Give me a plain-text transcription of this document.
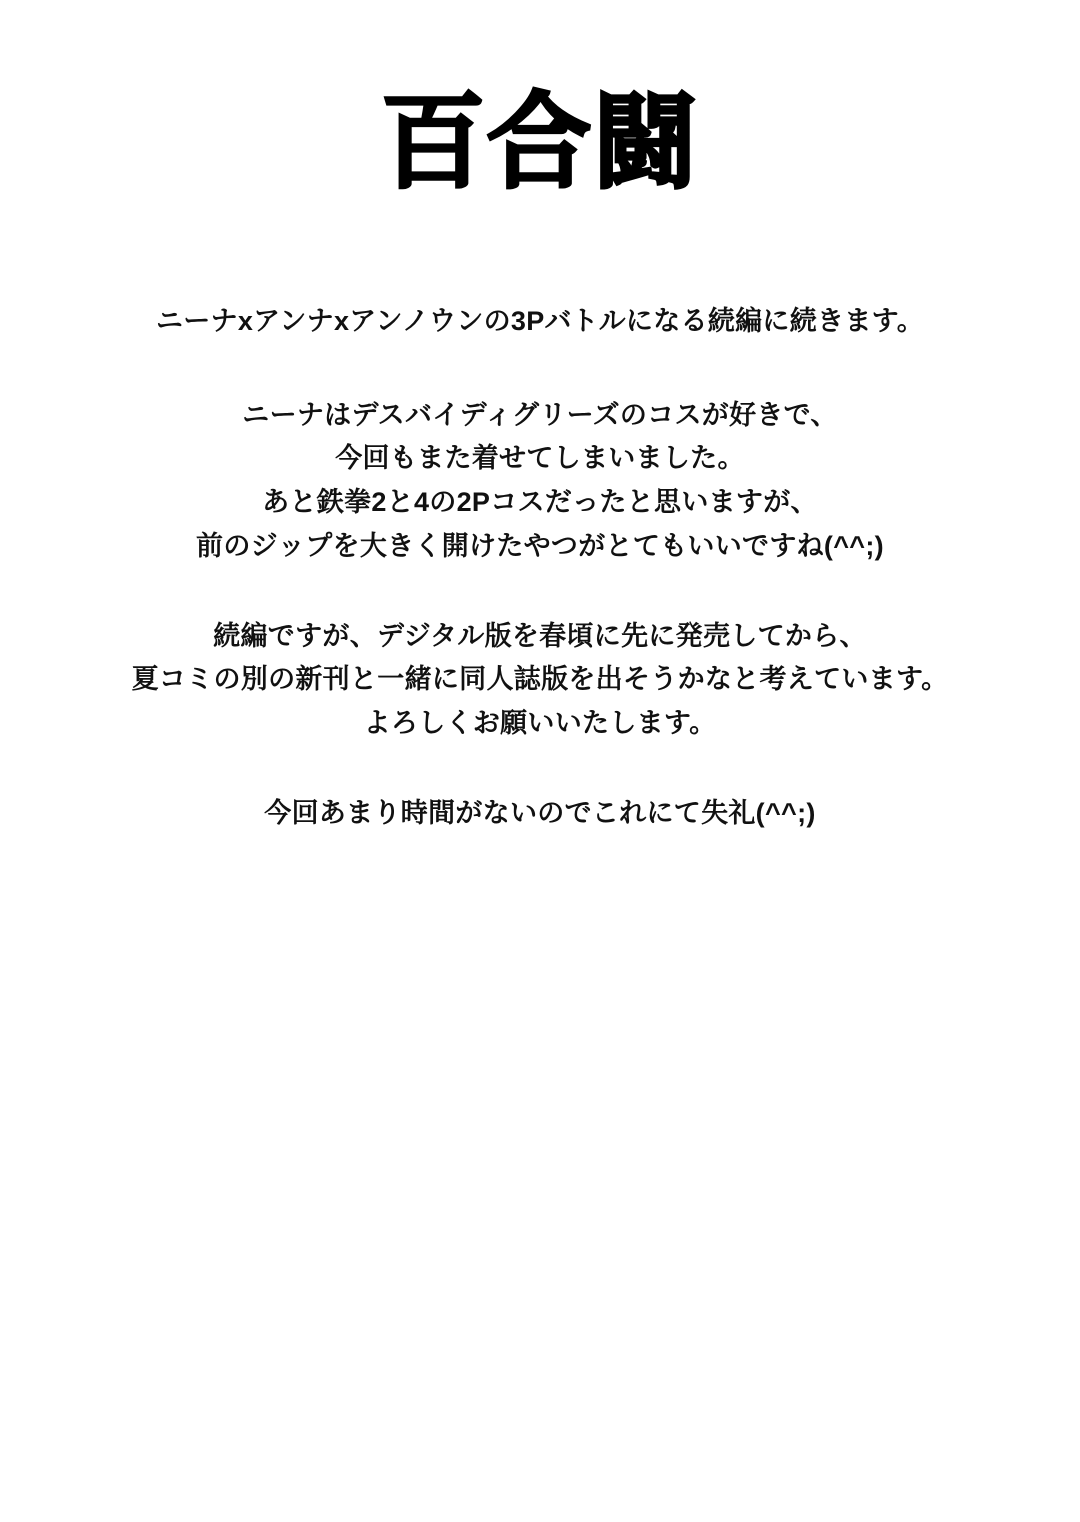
百合闘

ニーナxアンナxアンノウンの3Pバトルになる続編に続きます。

ニーナはデスバイディグリーズのコスが好きで、
今回もまた着せてしまいました。
あと鉄拳2と4の2Pコスだったと思いますが、
前のジップを大きく開けたやつがとてもいいですね(^^;)

続編ですが、デジタル版を春頃に先に発売してから、
夏コミの別の新刊と一緒に同人誌版を出そうかなと考えています。
よろしくお願いいたします。

今回あまり時間がないのでこれにて失礼(^^;)
